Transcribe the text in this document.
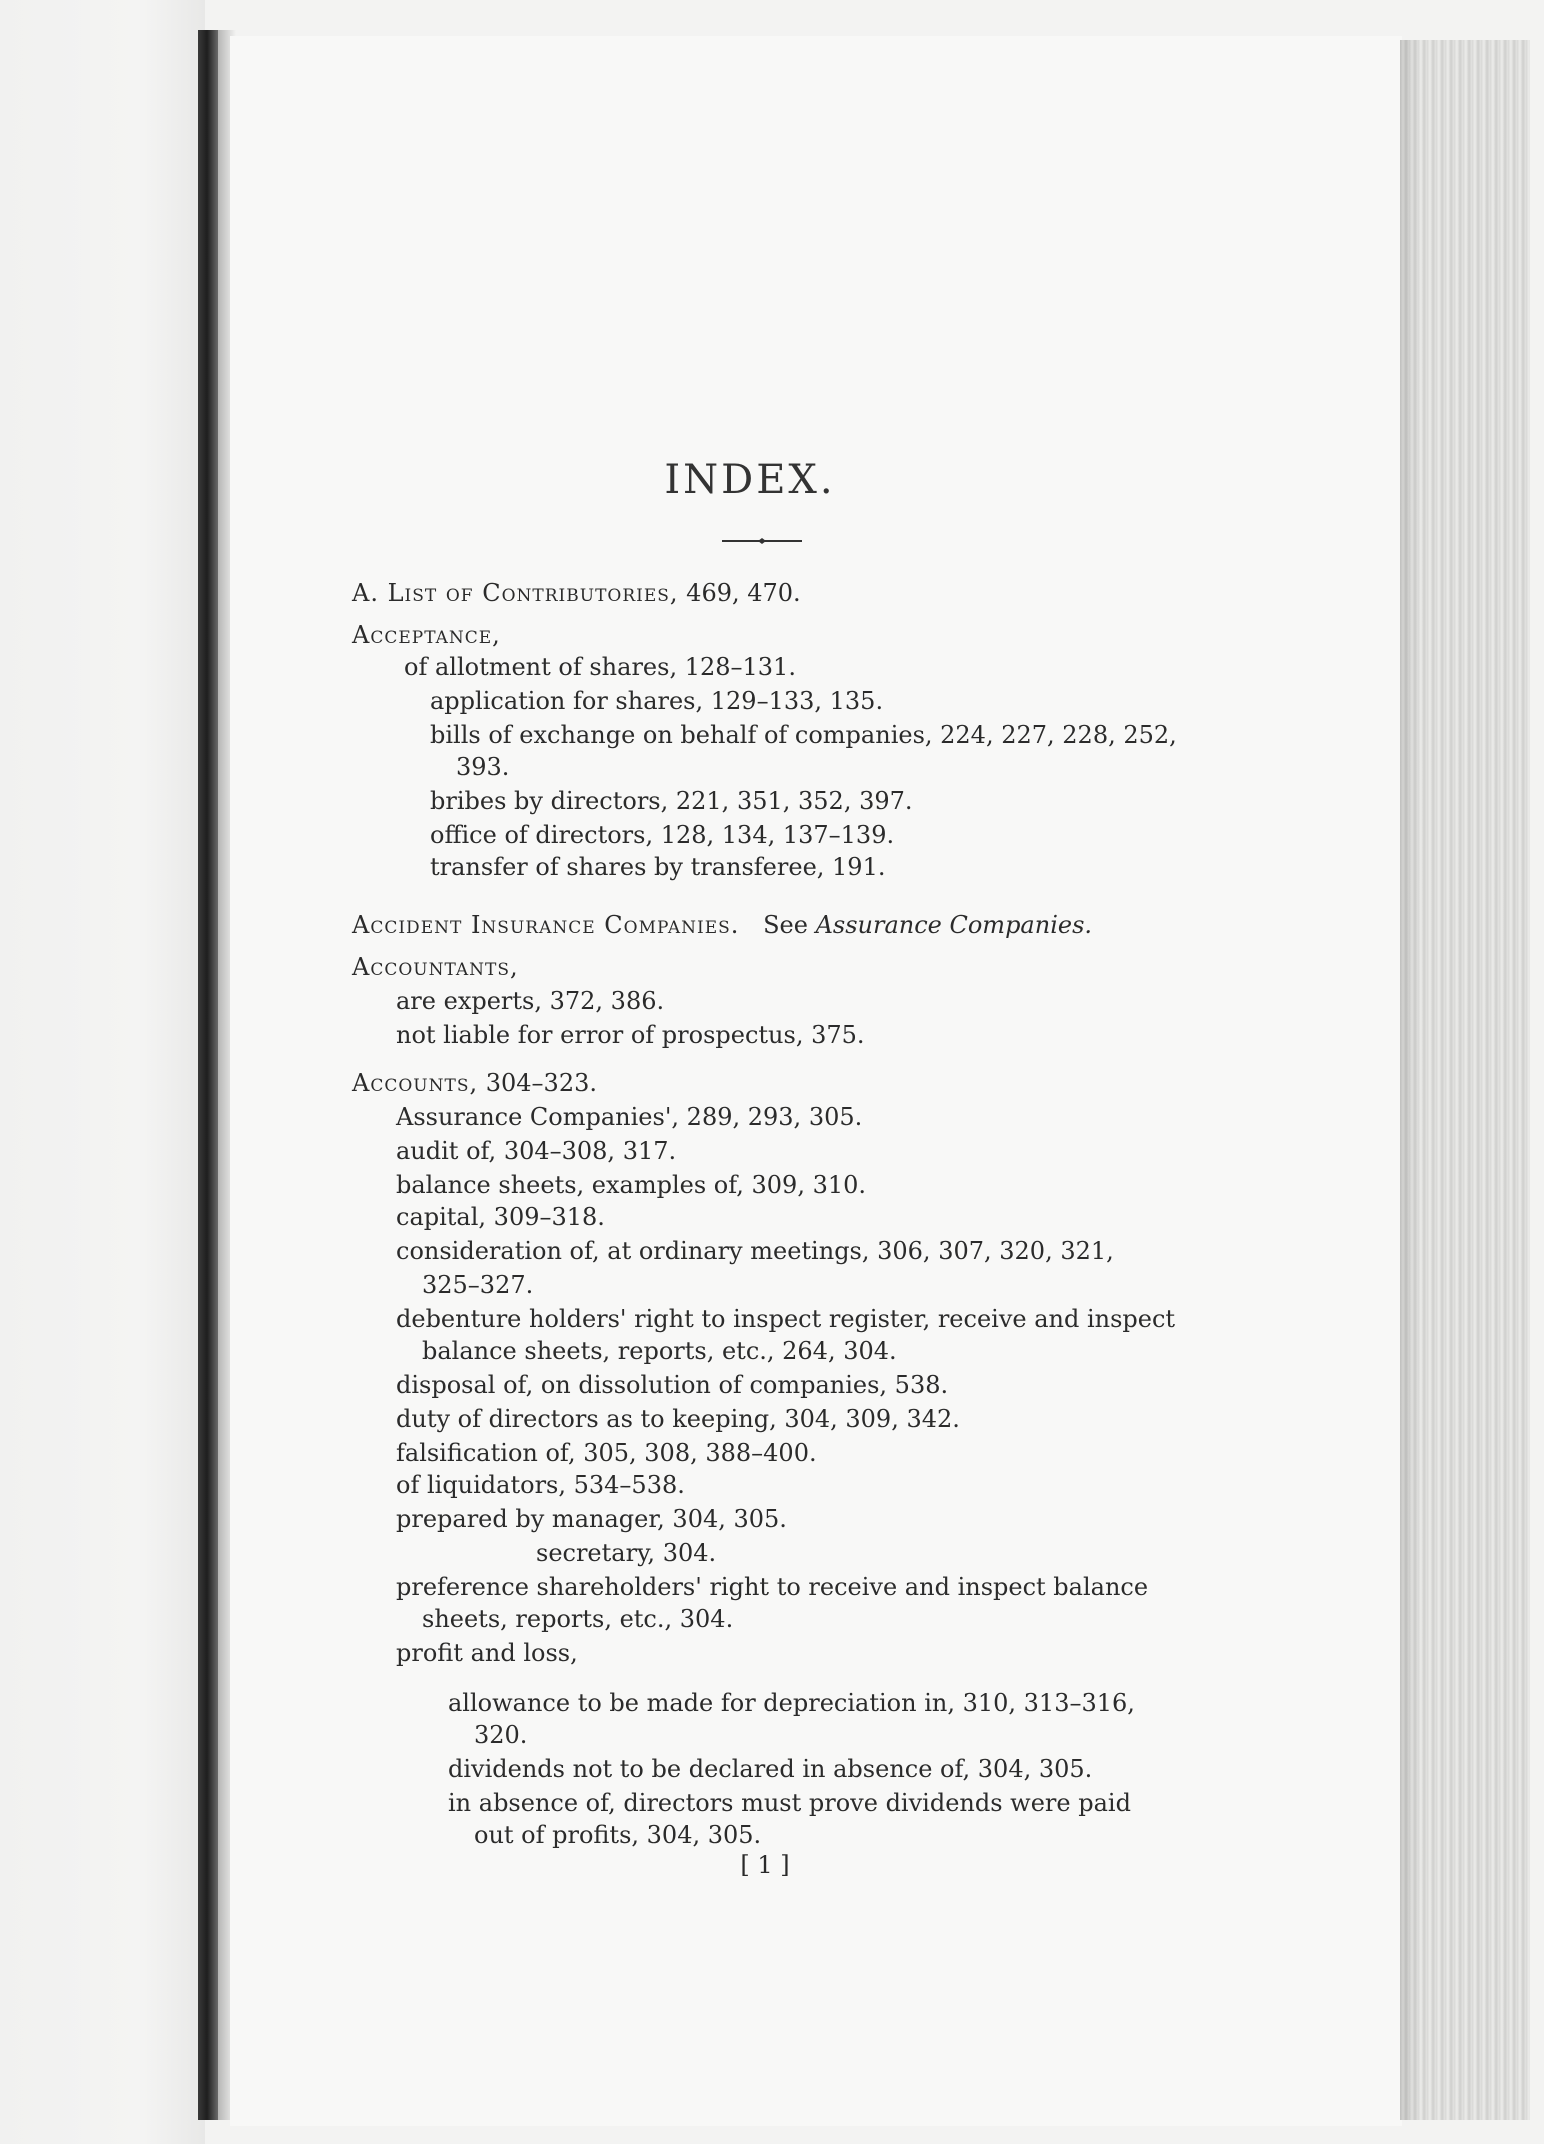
INDEX.
A. List of Contributories, 469, 470.
Acceptance,
of allotment of shares, 128–131.
application for shares, 129–133, 135.
bills of exchange on behalf of companies, 224, 227, 228, 252,
393.
bribes by directors, 221, 351, 352, 397.
office of directors, 128, 134, 137–139.
transfer of shares by transferee, 191.
Accident Insurance Companies. See Assurance Companies.
Accountants,
are experts, 372, 386.
not liable for error of prospectus, 375.
Accounts, 304–323.
Assurance Companies', 289, 293, 305.
audit of, 304–308, 317.
balance sheets, examples of, 309, 310.
capital, 309–318.
consideration of, at ordinary meetings, 306, 307, 320, 321,
325–327.
debenture holders' right to inspect register, receive and inspect
balance sheets, reports, etc., 264, 304.
disposal of, on dissolution of companies, 538.
duty of directors as to keeping, 304, 309, 342.
falsification of, 305, 308, 388–400.
of liquidators, 534–538.
prepared by manager, 304, 305.
secretary, 304.
preference shareholders' right to receive and inspect balance
sheets, reports, etc., 304.
profit and loss,
allowance to be made for depreciation in, 310, 313–316,
320.
dividends not to be declared in absence of, 304, 305.
in absence of, directors must prove dividends were paid
out of profits, 304, 305.
[ 1 ]
